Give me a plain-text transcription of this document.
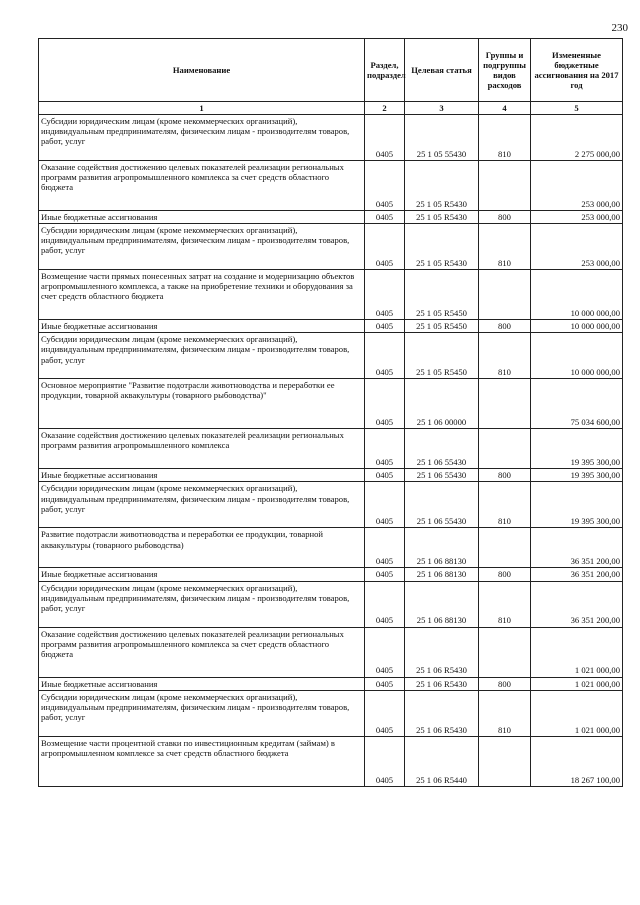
230
Наименование	Раздел, подраздел	Целевая статья	Группы и подгруппы видов расходов	Измененные бюджетные ассигнования на 2017 год
1	2	3	4	5
Субсидии юридическим лицам (кроме некоммерческих организаций), индивидуальным предпринимателям, физическим лицам - производителям товаров, работ, услуг	0405	25 1 05 55430	810	2 275 000,00
Оказание содействия достижению целевых показателей реализации региональных программ развития агропромышленного комплекса за счет средств областного бюджета	0405	25 1 05 R5430		253 000,00
Иные бюджетные ассигнования	0405	25 1 05 R5430	800	253 000,00
Субсидии юридическим лицам (кроме некоммерческих организаций), индивидуальным предпринимателям, физическим лицам - производителям товаров, работ, услуг	0405	25 1 05 R5430	810	253 000,00
Возмещение части прямых понесенных затрат на создание и модернизацию объектов агропромышленного комплекса, а также на приобретение техники и оборудования за счет средств областного бюджета	0405	25 1 05 R5450		10 000 000,00
Иные бюджетные ассигнования	0405	25 1 05 R5450	800	10 000 000,00
Субсидии юридическим лицам (кроме некоммерческих организаций), индивидуальным предпринимателям, физическим лицам - производителям товаров, работ, услуг	0405	25 1 05 R5450	810	10 000 000,00
Основное мероприятие "Развитие подотрасли животноводства и переработки ее продукции, товарной аквакультуры (товарного рыбоводства)"	0405	25 1 06 00000		75 034 600,00
Оказание содействия достижению целевых показателей реализации региональных программ развития агропромышленного комплекса	0405	25 1 06 55430		19 395 300,00
Иные бюджетные ассигнования	0405	25 1 06 55430	800	19 395 300,00
Субсидии юридическим лицам (кроме некоммерческих организаций), индивидуальным предпринимателям, физическим лицам - производителям товаров, работ, услуг	0405	25 1 06 55430	810	19 395 300,00
Развитие подотрасли животноводства и переработки ее продукции, товарной аквакультуры (товарного рыбоводства)	0405	25 1 06 88130		36 351 200,00
Иные бюджетные ассигнования	0405	25 1 06 88130	800	36 351 200,00
Субсидии юридическим лицам (кроме некоммерческих организаций), индивидуальным предпринимателям, физическим лицам - производителям товаров, работ, услуг	0405	25 1 06 88130	810	36 351 200,00
Оказание содействия достижению целевых показателей реализации региональных программ развития агропромышленного комплекса за счет средств областного бюджета	0405	25 1 06 R5430		1 021 000,00
Иные бюджетные ассигнования	0405	25 1 06 R5430	800	1 021 000,00
Субсидии юридическим лицам (кроме некоммерческих организаций), индивидуальным предпринимателям, физическим лицам - производителям товаров, работ, услуг	0405	25 1 06 R5430	810	1 021 000,00
Возмещение части процентной ставки по инвестиционным кредитам (займам) в агропромышленном комплексе за счет средств областного бюджета	0405	25 1 06 R5440		18 267 100,00
